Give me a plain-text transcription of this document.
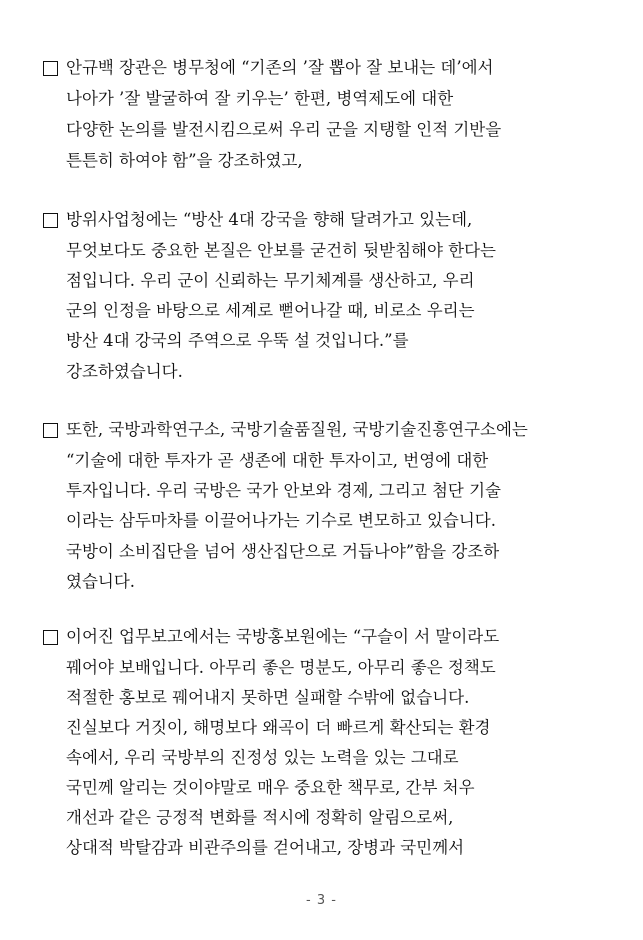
안규백 장관은 병무청에 “기존의 ’잘 뽑아 잘 보내는 데’에서
나아가 ’잘 발굴하여 잘 키우는’ 한편, 병역제도에 대한
다양한 논의를 발전시킴으로써 우리 군을 지탱할 인적 기반을
튼튼히 하여야 함”을 강조하였고,
방위사업청에는 “방산 4대 강국을 향해 달려가고 있는데,
무엇보다도 중요한 본질은 안보를 굳건히 뒷받침해야 한다는
점입니다. 우리 군이 신뢰하는 무기체계를 생산하고, 우리
군의 인정을 바탕으로 세계로 뻗어나갈 때, 비로소 우리는
방산 4대 강국의 주역으로 우뚝 설 것입니다.”를
강조하였습니다.
또한, 국방과학연구소, 국방기술품질원, 국방기술진흥연구소에는
“기술에 대한 투자가 곧 생존에 대한 투자이고, 번영에 대한
투자입니다. 우리 국방은 국가 안보와 경제, 그리고 첨단 기술
이라는 삼두마차를 이끌어나가는 기수로 변모하고 있습니다.
국방이 소비집단을 넘어 생산집단으로 거듭나야”함을 강조하
였습니다.
이어진 업무보고에서는 국방홍보원에는 “구슬이 서 말이라도
꿰어야 보배입니다. 아무리 좋은 명분도, 아무리 좋은 정책도
적절한 홍보로 꿰어내지 못하면 실패할 수밖에 없습니다.
진실보다 거짓이, 해명보다 왜곡이 더 빠르게 확산되는 환경
속에서, 우리 국방부의 진정성 있는 노력을 있는 그대로
국민께 알리는 것이야말로 매우 중요한 책무로, 간부 처우
개선과 같은 긍정적 변화를 적시에 정확히 알림으로써,
상대적 박탈감과 비관주의를 걷어내고, 장병과 국민께서
- 3 -
